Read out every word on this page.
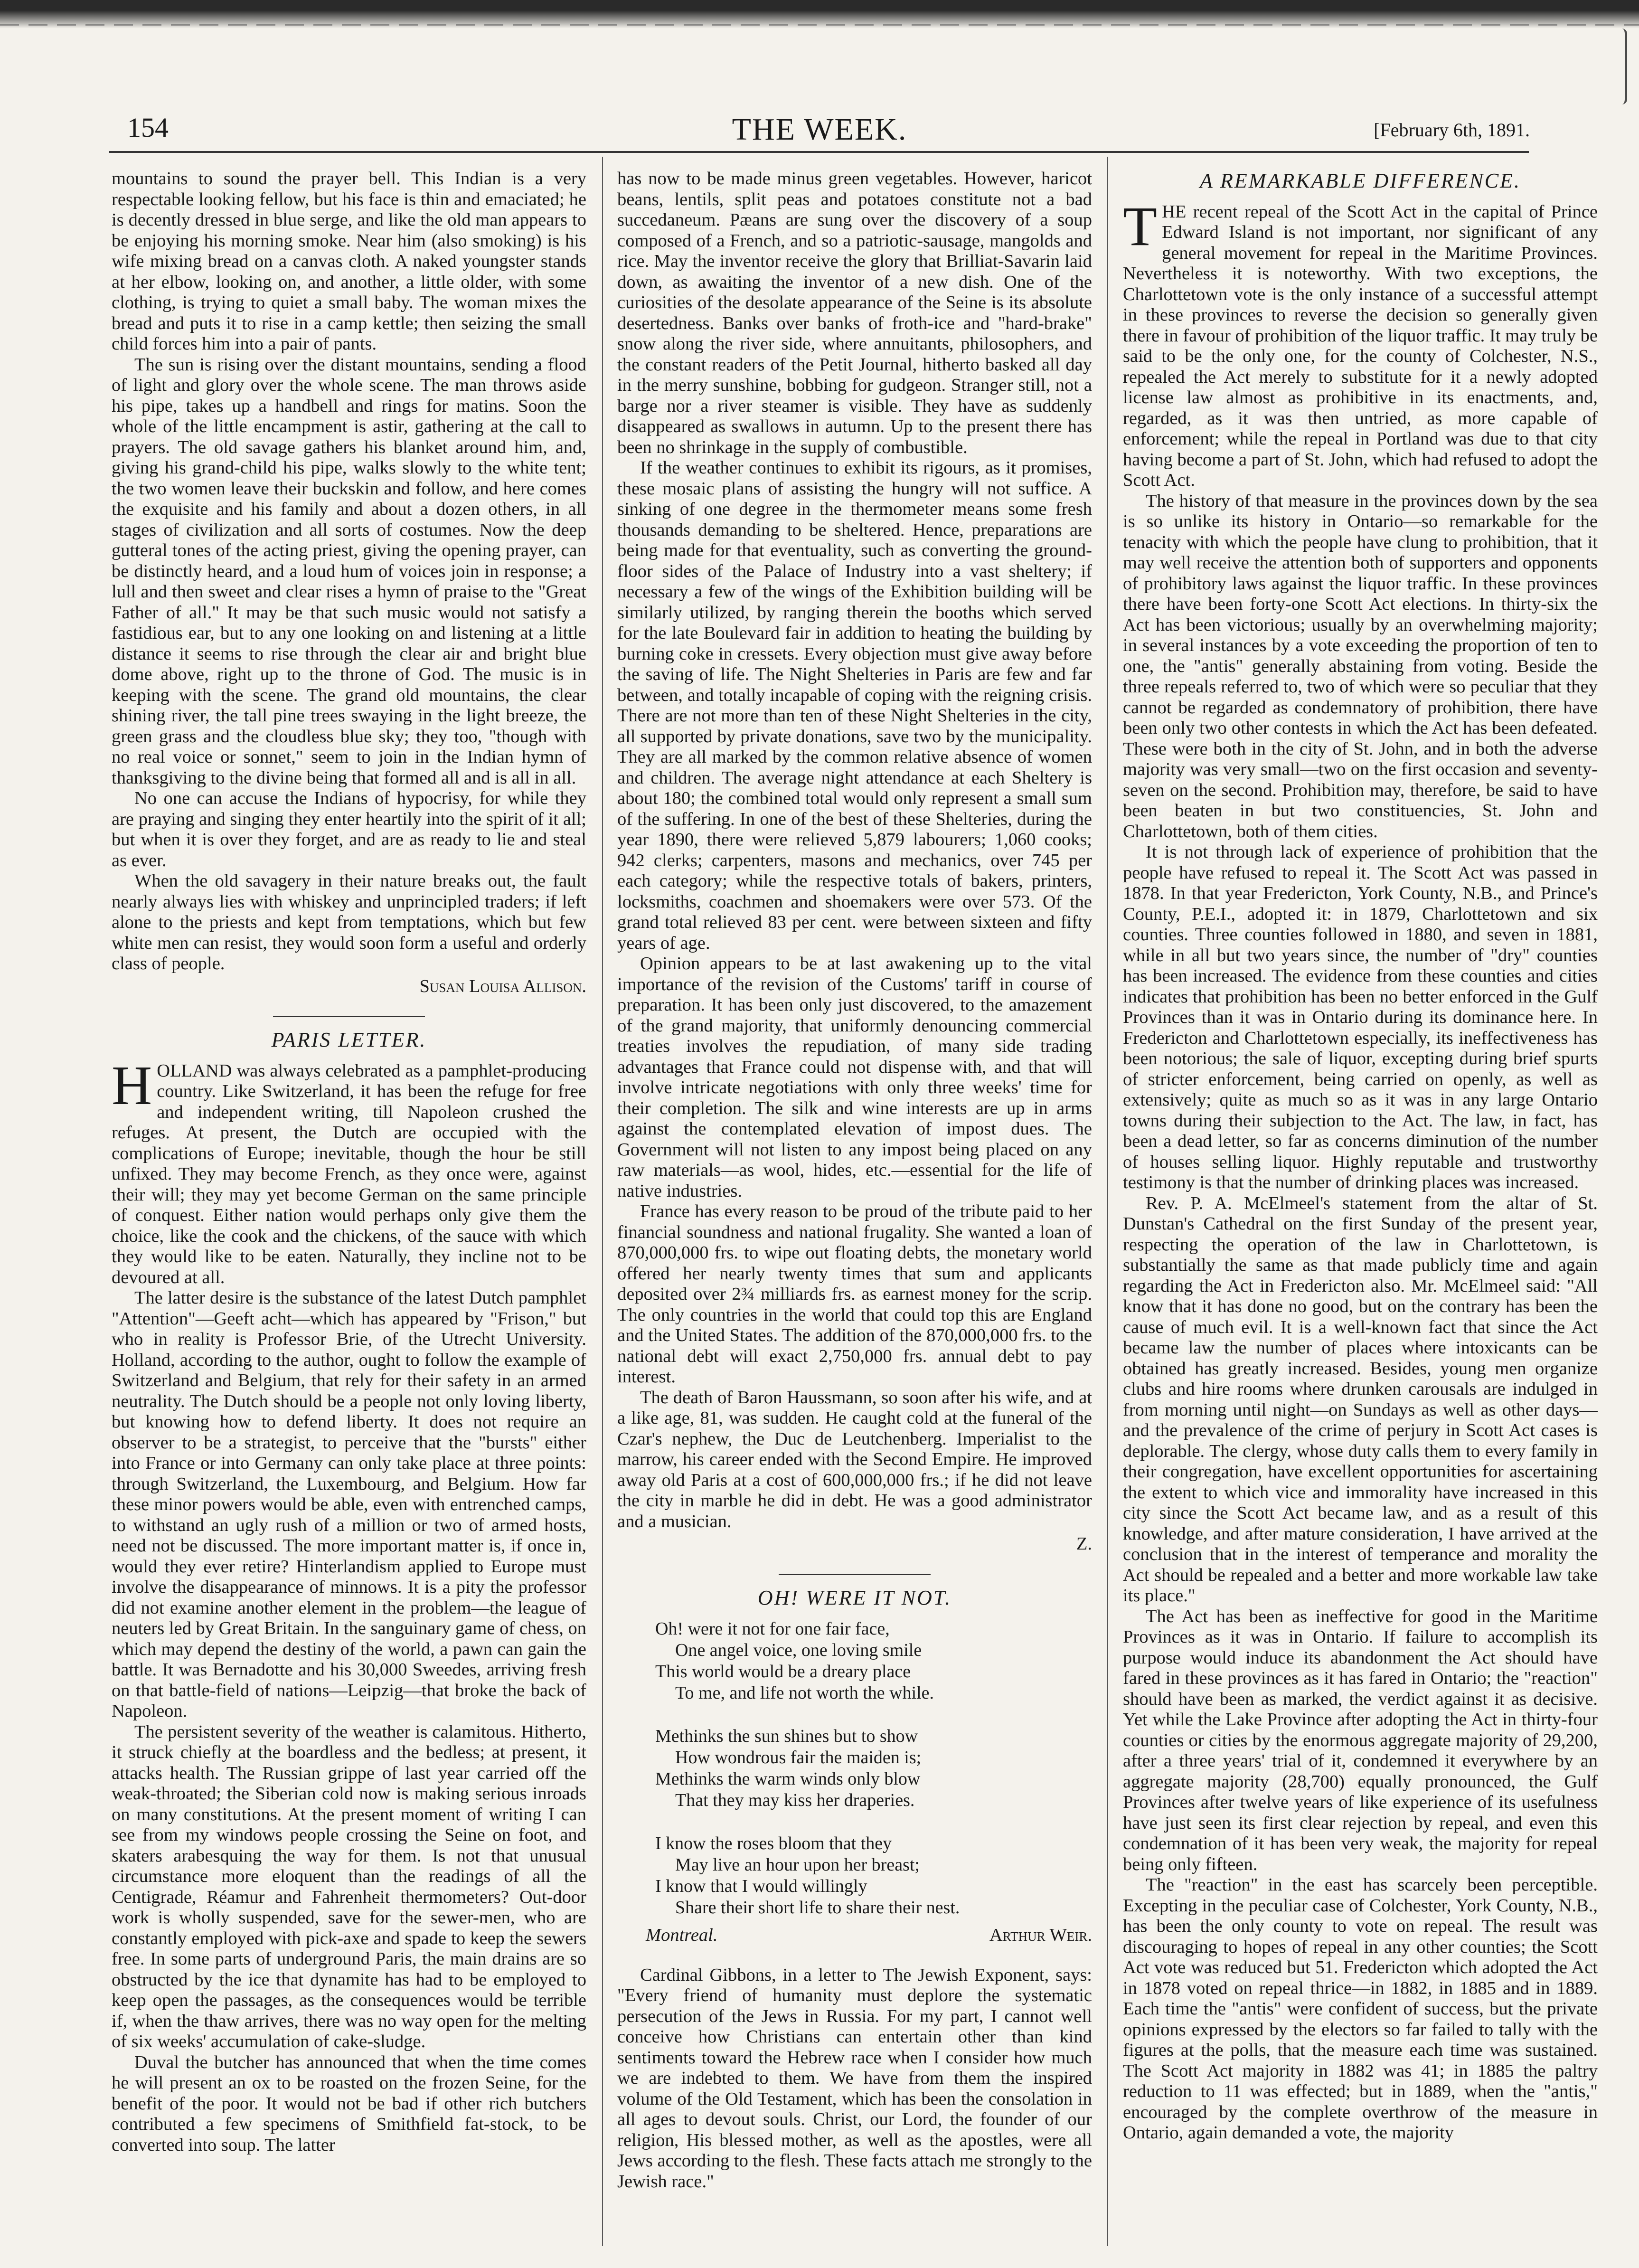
154	THE WEEK.	[February 6th, 1891.

mountains to sound the prayer bell. This Indian is a very respectable looking fellow, but his face is thin and emaciated; he is decently dressed in blue serge, and like the old man appears to be enjoying his morning smoke. Near him (also smoking) is his wife mixing bread on a canvas cloth. A naked youngster stands at her elbow, looking on, and another, a little older, with some clothing, is trying to quiet a small baby. The woman mixes the bread and puts it to rise in a camp kettle; then seizing the small child forces him into a pair of pants.

The sun is rising over the distant mountains, sending a flood of light and glory over the whole scene. The man throws aside his pipe, takes up a handbell and rings for matins. Soon the whole of the little encampment is astir, gathering at the call to prayers. The old savage gathers his blanket around him, and, giving his grand-child his pipe, walks slowly to the white tent; the two women leave their buckskin and follow, and here comes the exquisite and his family and about a dozen others, in all stages of civilization and all sorts of costumes. Now the deep gutteral tones of the acting priest, giving the opening prayer, can be distinctly heard, and a loud hum of voices join in response; a lull and then sweet and clear rises a hymn of praise to the "Great Father of all." It may be that such music would not satisfy a fastidious ear, but to any one looking on and listening at a little distance it seems to rise through the clear air and bright blue dome above, right up to the throne of God. The music is in keeping with the scene. The grand old mountains, the clear shining river, the tall pine trees swaying in the light breeze, the green grass and the cloudless blue sky; they too, "though with no real voice or sonnet," seem to join in the Indian hymn of thanksgiving to the divine being that formed all and is all in all.

No one can accuse the Indians of hypocrisy, for while they are praying and singing they enter heartily into the spirit of it all; but when it is over they forget, and are as ready to lie and steal as ever.

When the old savagery in their nature breaks out, the fault nearly always lies with whiskey and unprincipled traders; if left alone to the priests and kept from temptations, which but few white men can resist, they would soon form a useful and orderly class of people.

Susan Louisa Allison.

PARIS LETTER.

HOLLAND was always celebrated as a pamphlet-producing country. Like Switzerland, it has been the refuge for free and independent writing, till Napoleon crushed the refuges. At present, the Dutch are occupied with the complications of Europe; inevitable, though the hour be still unfixed. They may become French, as they once were, against their will; they may yet become German on the same principle of conquest. Either nation would perhaps only give them the choice, like the cook and the chickens, of the sauce with which they would like to be eaten. Naturally, they incline not to be devoured at all.

The latter desire is the substance of the latest Dutch pamphlet "Attention"—Geeft acht—which has appeared by "Frison," but who in reality is Professor Brie, of the Utrecht University. Holland, according to the author, ought to follow the example of Switzerland and Belgium, that rely for their safety in an armed neutrality. The Dutch should be a people not only loving liberty, but knowing how to defend liberty. It does not require an observer to be a strategist, to perceive that the "bursts" either into France or into Germany can only take place at three points: through Switzerland, the Luxembourg, and Belgium. How far these minor powers would be able, even with entrenched camps, to withstand an ugly rush of a million or two of armed hosts, need not be discussed. The more important matter is, if once in, would they ever retire? Hinterlandism applied to Europe must involve the disappearance of minnows. It is a pity the professor did not examine another element in the problem—the league of neuters led by Great Britain. In the sanguinary game of chess, on which may depend the destiny of the world, a pawn can gain the battle. It was Bernadotte and his 30,000 Sweedes, arriving fresh on that battle-field of nations—Leipzig—that broke the back of Napoleon.

The persistent severity of the weather is calamitous. Hitherto, it struck chiefly at the boardless and the bedless; at present, it attacks health. The Russian grippe of last year carried off the weak-throated; the Siberian cold now is making serious inroads on many constitutions. At the present moment of writing I can see from my windows people crossing the Seine on foot, and skaters arabesquing the way for them. Is not that unusual circumstance more eloquent than the readings of all the Centigrade, Réamur and Fahrenheit thermometers? Out-door work is wholly suspended, save for the sewer-men, who are constantly employed with pick-axe and spade to keep the sewers free. In some parts of underground Paris, the main drains are so obstructed by the ice that dynamite has had to be employed to keep open the passages, as the consequences would be terrible if, when the thaw arrives, there was no way open for the melting of six weeks' accumulation of cake-sludge.

Duval the butcher has announced that when the time comes he will present an ox to be roasted on the frozen Seine, for the benefit of the poor. It would not be bad if other rich butchers contributed a few specimens of Smithfield fat-stock, to be converted into soup. The latter

has now to be made minus green vegetables. However, haricot beans, lentils, split peas and potatoes constitute not a bad succedaneum. Pæans are sung over the discovery of a soup composed of a French, and so a patriotic-sausage, mangolds and rice. May the inventor receive the glory that Brilliat-Savarin laid down, as awaiting the inventor of a new dish. One of the curiosities of the desolate appearance of the Seine is its absolute desertedness. Banks over banks of froth-ice and "hard-brake" snow along the river side, where annuitants, philosophers, and the constant readers of the Petit Journal, hitherto basked all day in the merry sunshine, bobbing for gudgeon. Stranger still, not a barge nor a river steamer is visible. They have as suddenly disappeared as swallows in autumn. Up to the present there has been no shrinkage in the supply of combustible.

If the weather continues to exhibit its rigours, as it promises, these mosaic plans of assisting the hungry will not suffice. A sinking of one degree in the thermometer means some fresh thousands demanding to be sheltered. Hence, preparations are being made for that eventuality, such as converting the ground-floor sides of the Palace of Industry into a vast sheltery; if necessary a few of the wings of the Exhibition building will be similarly utilized, by ranging therein the booths which served for the late Boulevard fair in addition to heating the building by burning coke in cressets. Every objection must give away before the saving of life. The Night Shelteries in Paris are few and far between, and totally incapable of coping with the reigning crisis. There are not more than ten of these Night Shelteries in the city, all supported by private donations, save two by the municipality. They are all marked by the common relative absence of women and children. The average night attendance at each Sheltery is about 180; the combined total would only represent a small sum of the suffering. In one of the best of these Shelteries, during the year 1890, there were relieved 5,879 labourers; 1,060 cooks; 942 clerks; carpenters, masons and mechanics, over 745 per each category; while the respective totals of bakers, printers, locksmiths, coachmen and shoemakers were over 573. Of the grand total relieved 83 per cent. were between sixteen and fifty years of age.

Opinion appears to be at last awakening up to the vital importance of the revision of the Customs' tariff in course of preparation. It has been only just discovered, to the amazement of the grand majority, that uniformly denouncing commercial treaties involves the repudiation, of many side trading advantages that France could not dispense with, and that will involve intricate negotiations with only three weeks' time for their completion. The silk and wine interests are up in arms against the contemplated elevation of impost dues. The Government will not listen to any impost being placed on any raw materials—as wool, hides, etc.—essential for the life of native industries.

France has every reason to be proud of the tribute paid to her financial soundness and national frugality. She wanted a loan of 870,000,000 frs. to wipe out floating debts, the monetary world offered her nearly twenty times that sum and applicants deposited over 2¾ milliards frs. as earnest money for the scrip. The only countries in the world that could top this are England and the United States. The addition of the 870,000,000 frs. to the national debt will exact 2,750,000 frs. annual debt to pay interest.

The death of Baron Haussmann, so soon after his wife, and at a like age, 81, was sudden. He caught cold at the funeral of the Czar's nephew, the Duc de Leutchenberg. Imperialist to the marrow, his career ended with the Second Empire. He improved away old Paris at a cost of 600,000,000 frs.; if he did not leave the city in marble he did in debt. He was a good administrator and a musician.

Z.

OH! WERE IT NOT.

Oh! were it not for one fair face,
One angel voice, one loving smile
This world would be a dreary place
To me, and life not worth the while.
Methinks the sun shines but to show
How wondrous fair the maiden is;
Methinks the warm winds only blow
That they may kiss her draperies.
I know the roses bloom that they
May live an hour upon her breast;
I know that I would willingly
Share their short life to share their nest.
Montreal.	Arthur Weir.

Cardinal Gibbons, in a letter to The Jewish Exponent, says: "Every friend of humanity must deplore the systematic persecution of the Jews in Russia. For my part, I cannot well conceive how Christians can entertain other than kind sentiments toward the Hebrew race when I consider how much we are indebted to them. We have from them the inspired volume of the Old Testament, which has been the consolation in all ages to devout souls. Christ, our Lord, the founder of our religion, His blessed mother, as well as the apostles, were all Jews according to the flesh. These facts attach me strongly to the Jewish race."

A REMARKABLE DIFFERENCE.

THE recent repeal of the Scott Act in the capital of Prince Edward Island is not important, nor significant of any general movement for repeal in the Maritime Provinces. Nevertheless it is noteworthy. With two exceptions, the Charlottetown vote is the only instance of a successful attempt in these provinces to reverse the decision so generally given there in favour of prohibition of the liquor traffic. It may truly be said to be the only one, for the county of Colchester, N.S., repealed the Act merely to substitute for it a newly adopted license law almost as prohibitive in its enactments, and, regarded, as it was then untried, as more capable of enforcement; while the repeal in Portland was due to that city having become a part of St. John, which had refused to adopt the Scott Act.

The history of that measure in the provinces down by the sea is so unlike its history in Ontario—so remarkable for the tenacity with which the people have clung to prohibition, that it may well receive the attention both of supporters and opponents of prohibitory laws against the liquor traffic. In these provinces there have been forty-one Scott Act elections. In thirty-six the Act has been victorious; usually by an overwhelming majority; in several instances by a vote exceeding the proportion of ten to one, the "antis" generally abstaining from voting. Beside the three repeals referred to, two of which were so peculiar that they cannot be regarded as condemnatory of prohibition, there have been only two other contests in which the Act has been defeated. These were both in the city of St. John, and in both the adverse majority was very small—two on the first occasion and seventy-seven on the second. Prohibition may, therefore, be said to have been beaten in but two constituencies, St. John and Charlottetown, both of them cities.

It is not through lack of experience of prohibition that the people have refused to repeal it. The Scott Act was passed in 1878. In that year Fredericton, York County, N.B., and Prince's County, P.E.I., adopted it: in 1879, Charlottetown and six counties. Three counties followed in 1880, and seven in 1881, while in all but two years since, the number of "dry" counties has been increased. The evidence from these counties and cities indicates that prohibition has been no better enforced in the Gulf Provinces than it was in Ontario during its dominance here. In Fredericton and Charlottetown especially, its ineffectiveness has been notorious; the sale of liquor, excepting during brief spurts of stricter enforcement, being carried on openly, as well as extensively; quite as much so as it was in any large Ontario towns during their subjection to the Act. The law, in fact, has been a dead letter, so far as concerns diminution of the number of houses selling liquor. Highly reputable and trustworthy testimony is that the number of drinking places was increased.

Rev. P. A. McElmeel's statement from the altar of St. Dunstan's Cathedral on the first Sunday of the present year, respecting the operation of the law in Charlottetown, is substantially the same as that made publicly time and again regarding the Act in Fredericton also. Mr. McElmeel said: "All know that it has done no good, but on the contrary has been the cause of much evil. It is a well-known fact that since the Act became law the number of places where intoxicants can be obtained has greatly increased. Besides, young men organize clubs and hire rooms where drunken carousals are indulged in from morning until night—on Sundays as well as other days—and the prevalence of the crime of perjury in Scott Act cases is deplorable. The clergy, whose duty calls them to every family in their congregation, have excellent opportunities for ascertaining the extent to which vice and immorality have increased in this city since the Scott Act became law, and as a result of this knowledge, and after mature consideration, I have arrived at the conclusion that in the interest of temperance and morality the Act should be repealed and a better and more workable law take its place."

The Act has been as ineffective for good in the Maritime Provinces as it was in Ontario. If failure to accomplish its purpose would induce its abandonment the Act should have fared in these provinces as it has fared in Ontario; the "reaction" should have been as marked, the verdict against it as decisive. Yet while the Lake Province after adopting the Act in thirty-four counties or cities by the enormous aggregate majority of 29,200, after a three years' trial of it, condemned it everywhere by an aggregate majority (28,700) equally pronounced, the Gulf Provinces after twelve years of like experience of its usefulness have just seen its first clear rejection by repeal, and even this condemnation of it has been very weak, the majority for repeal being only fifteen.

The "reaction" in the east has scarcely been perceptible. Excepting in the peculiar case of Colchester, York County, N.B., has been the only county to vote on repeal. The result was discouraging to hopes of repeal in any other counties; the Scott Act vote was reduced but 51. Fredericton which adopted the Act in 1878 voted on repeal thrice—in 1882, in 1885 and in 1889. Each time the "antis" were confident of success, but the private opinions expressed by the electors so far failed to tally with the figures at the polls, that the measure each time was sustained. The Scott Act majority in 1882 was 41; in 1885 the paltry reduction to 11 was effected; but in 1889, when the "antis," encouraged by the complete overthrow of the measure in Ontario, again demanded a vote, the majority
